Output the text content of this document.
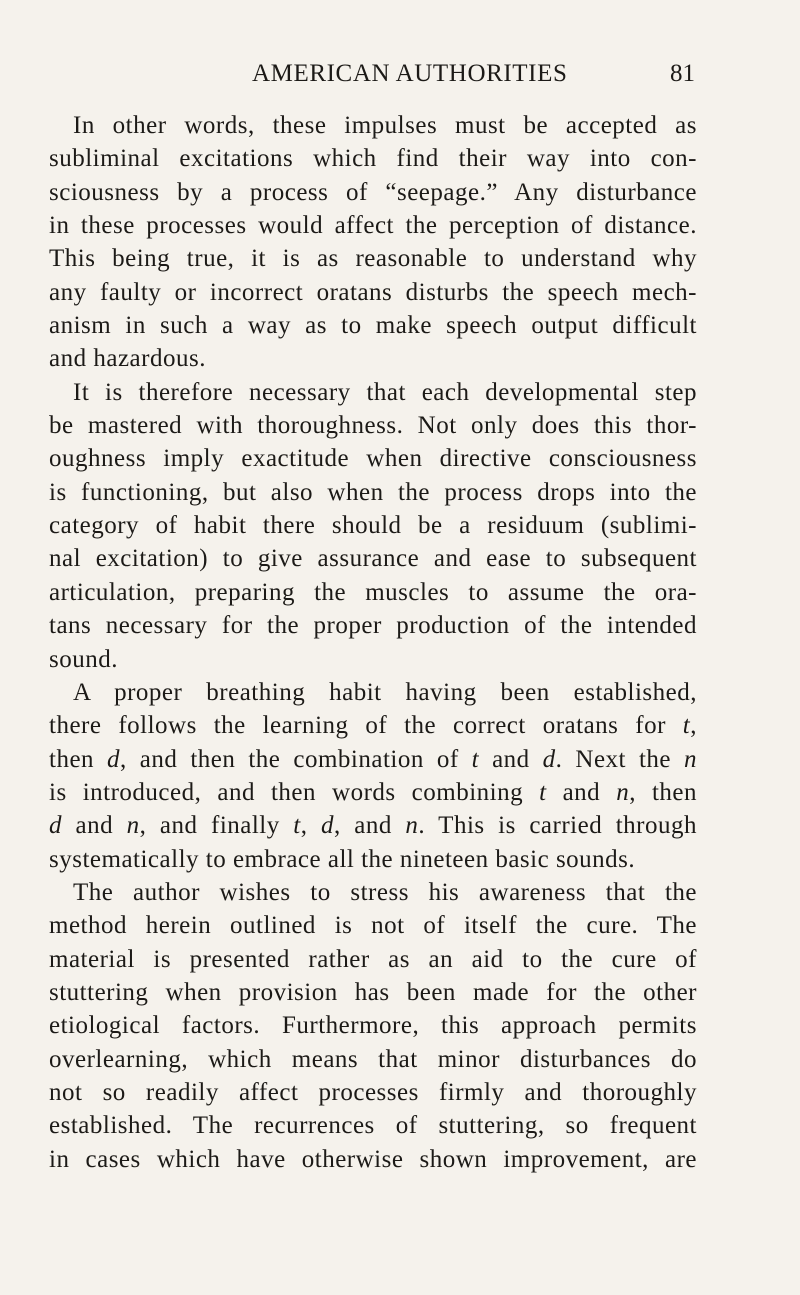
AMERICAN AUTHORITIES	81
In other words, these impulses must be accepted as
subliminal excitations which find their way into con-
sciousness by a process of “seepage.” Any disturbance
in these processes would affect the perception of distance.
This being true, it is as reasonable to understand why
any faulty or incorrect oratans disturbs the speech mech-
anism in such a way as to make speech output difficult
and hazardous.
It is therefore necessary that each developmental step
be mastered with thoroughness. Not only does this thor-
oughness imply exactitude when directive consciousness
is functioning, but also when the process drops into the
category of habit there should be a residuum (sublimi-
nal excitation) to give assurance and ease to subsequent
articulation, preparing the muscles to assume the ora-
tans necessary for the proper production of the intended
sound.
A proper breathing habit having been established,
there follows the learning of the correct oratans for t,
then d, and then the combination of t and d. Next the n
is introduced, and then words combining t and n, then
d and n, and finally t, d, and n. This is carried through
systematically to embrace all the nineteen basic sounds.
The author wishes to stress his awareness that the
method herein outlined is not of itself the cure. The
material is presented rather as an aid to the cure of
stuttering when provision has been made for the other
etiological factors. Furthermore, this approach permits
overlearning, which means that minor disturbances do
not so readily affect processes firmly and thoroughly
established. The recurrences of stuttering, so frequent
in cases which have otherwise shown improvement, are
